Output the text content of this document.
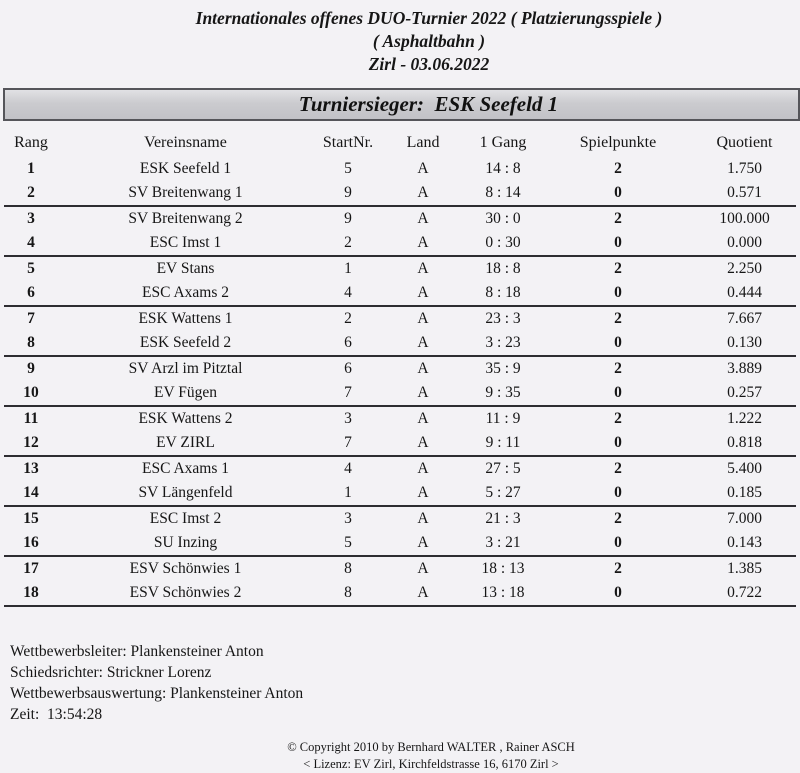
Internationales offenes DUO-Turnier 2022 ( Platzierungsspiele )
( Asphaltbahn )
Zirl - 03.06.2022
Turniersieger:  ESK Seefeld 1
Rang	Vereinsname	StartNr.	Land	1 Gang	Spielpunkte	Quotient
1	ESK Seefeld 1	5	A	14 : 8	2	1.750
2	SV Breitenwang 1	9	A	8 : 14	0	0.571
3	SV Breitenwang 2	9	A	30 : 0	2	100.000
4	ESC Imst 1	2	A	0 : 30	0	0.000
5	EV Stans	1	A	18 : 8	2	2.250
6	ESC Axams 2	4	A	8 : 18	0	0.444
7	ESK Wattens 1	2	A	23 : 3	2	7.667
8	ESK Seefeld 2	6	A	3 : 23	0	0.130
9	SV Arzl im Pitztal	6	A	35 : 9	2	3.889
10	EV Fügen	7	A	9 : 35	0	0.257
11	ESK Wattens 2	3	A	11 : 9	2	1.222
12	EV ZIRL	7	A	9 : 11	0	0.818
13	ESC Axams 1	4	A	27 : 5	2	5.400
14	SV Längenfeld	1	A	5 : 27	0	0.185
15	ESC Imst 2	3	A	21 : 3	2	7.000
16	SU Inzing	5	A	3 : 21	0	0.143
17	ESV Schönwies 1	8	A	18 : 13	2	1.385
18	ESV Schönwies 2	8	A	13 : 18	0	0.722
Wettbewerbsleiter: Plankensteiner Anton
Schiedsrichter: Strickner Lorenz
Wettbewerbsauswertung: Plankensteiner Anton
Zeit:  13:54:28
© Copyright 2010 by Bernhard WALTER , Rainer ASCH
< Lizenz: EV Zirl, Kirchfeldstrasse 16, 6170 Zirl >
